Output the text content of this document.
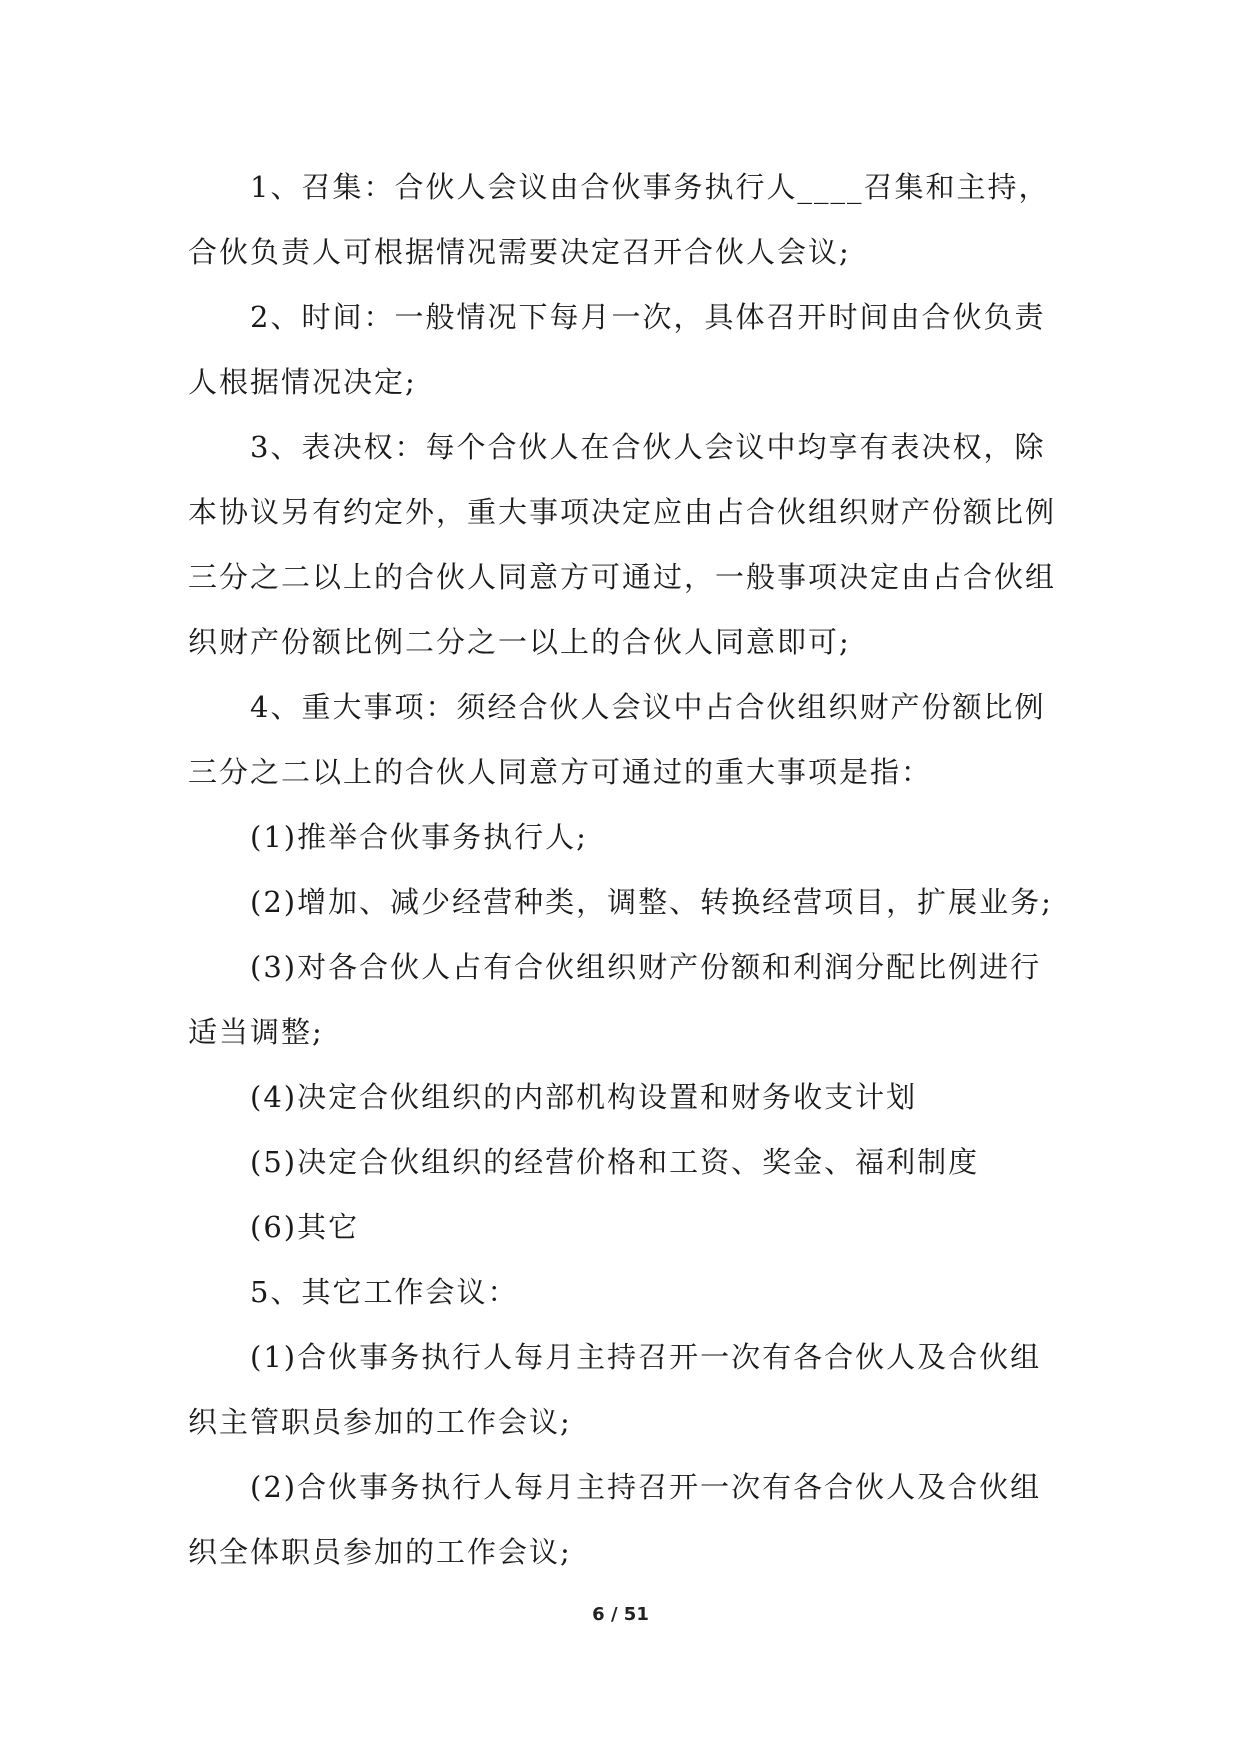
1、召集：合伙人会议由合伙事务执行人____召集和主持，合伙负责人可根据情况需要决定召开合伙人会议;

2、时间：一般情况下每月一次，具体召开时间由合伙负责人根据情况决定;

3、表决权：每个合伙人在合伙人会议中均享有表决权，除本协议另有约定外，重大事项决定应由占合伙组织财产份额比例三分之二以上的合伙人同意方可通过，一般事项决定由占合伙组织财产份额比例二分之一以上的合伙人同意即可;

4、重大事项：须经合伙人会议中占合伙组织财产份额比例三分之二以上的合伙人同意方可通过的重大事项是指：

(1)推举合伙事务执行人;

(2)增加、减少经营种类，调整、转换经营项目，扩展业务;

(3)对各合伙人占有合伙组织财产份额和利润分配比例进行适当调整;

(4)决定合伙组织的内部机构设置和财务收支计划

(5)决定合伙组织的经营价格和工资、奖金、福利制度

(6)其它

5、其它工作会议：

(1)合伙事务执行人每月主持召开一次有各合伙人及合伙组织主管职员参加的工作会议;

(2)合伙事务执行人每月主持召开一次有各合伙人及合伙组织全体职员参加的工作会议;

6 / 51
